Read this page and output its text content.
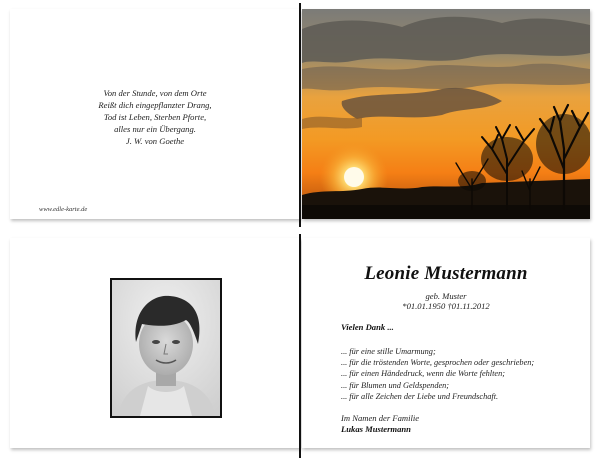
Von der Stunde, von dem Orte
Reißt dich eingepflanzter Drang,
Tod ist Leben, Sterben Pforte,
alles nur ein Übergang.
J. W. von Goethe
www.edle-karte.de
Leonie Mustermann
geb. Muster
*01.01.1950 †01.11.2012
Vielen Dank ...
... für eine stille Umarmung;
... für die tröstenden Worte, gesprochen oder geschrieben;
... für einen Händedruck, wenn die Worte fehlten;
... für Blumen und Geldspenden;
... für alle Zeichen der Liebe und Freundschaft.
Im Namen der Familie
Lukas Mustermann
